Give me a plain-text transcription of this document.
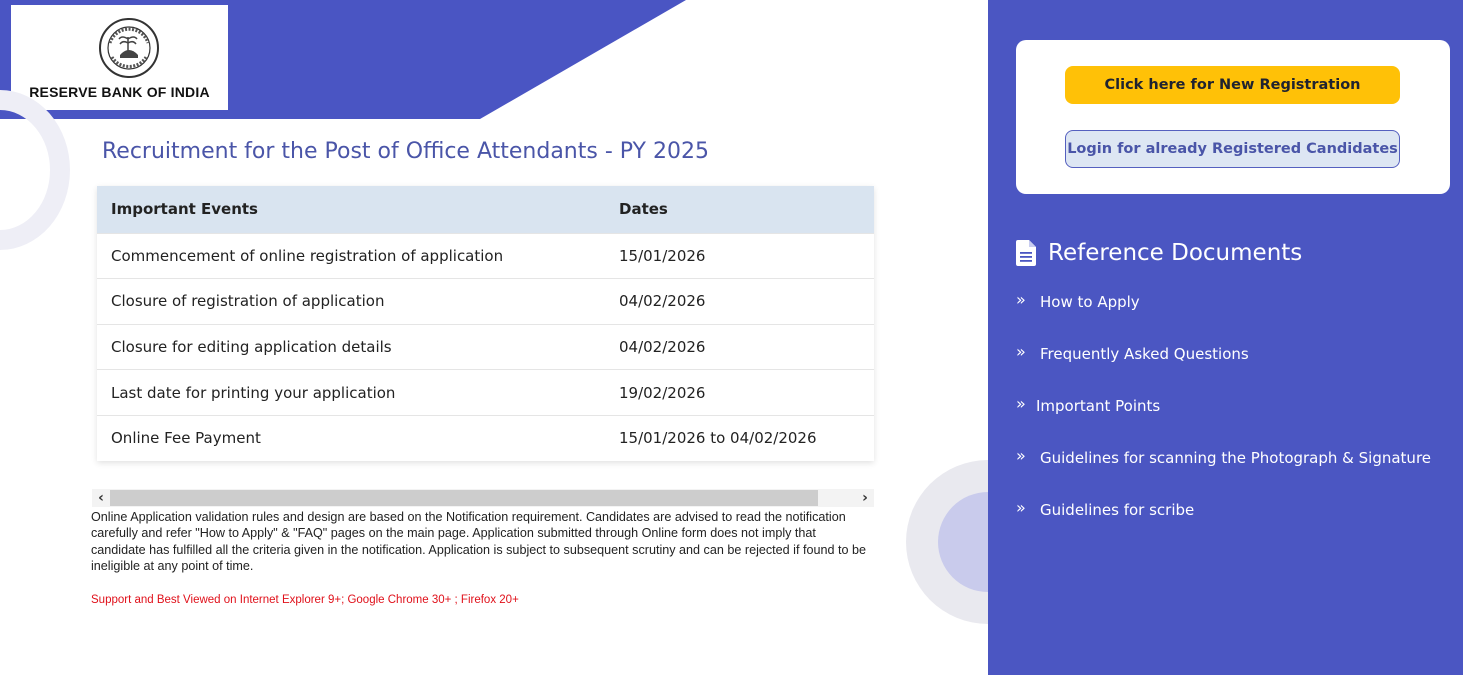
RESERVE BANK OF INDIA
Recruitment for the Post of Office Attendants - PY 2025
Important Events	Dates
Commencement of online registration of application	15/01/2026
Closure of registration of application	04/02/2026
Closure for editing application details	04/02/2026
Last date for printing your application	19/02/2026
Online Fee Payment	15/01/2026 to 04/02/2026
‹	›

Online Application validation rules and design are based on the Notification requirement. Candidates are advised to read the notification carefully and refer "How to Apply" & "FAQ" pages on the main page. Application submitted through Online form does not imply that candidate has fulfilled all the criteria given in the notification. Application is subject to subsequent scrutiny and can be rejected if found to be ineligible at any point of time.

Support and Best Viewed on Internet Explorer 9+; Google Chrome 30+ ; Firefox 20+

Click here for New Registration
Login for already Registered Candidates
Reference Documents
» How to Apply
» Frequently Asked Questions
» Important Points
» Guidelines for scanning the Photograph & Signature
» Guidelines for scribe
